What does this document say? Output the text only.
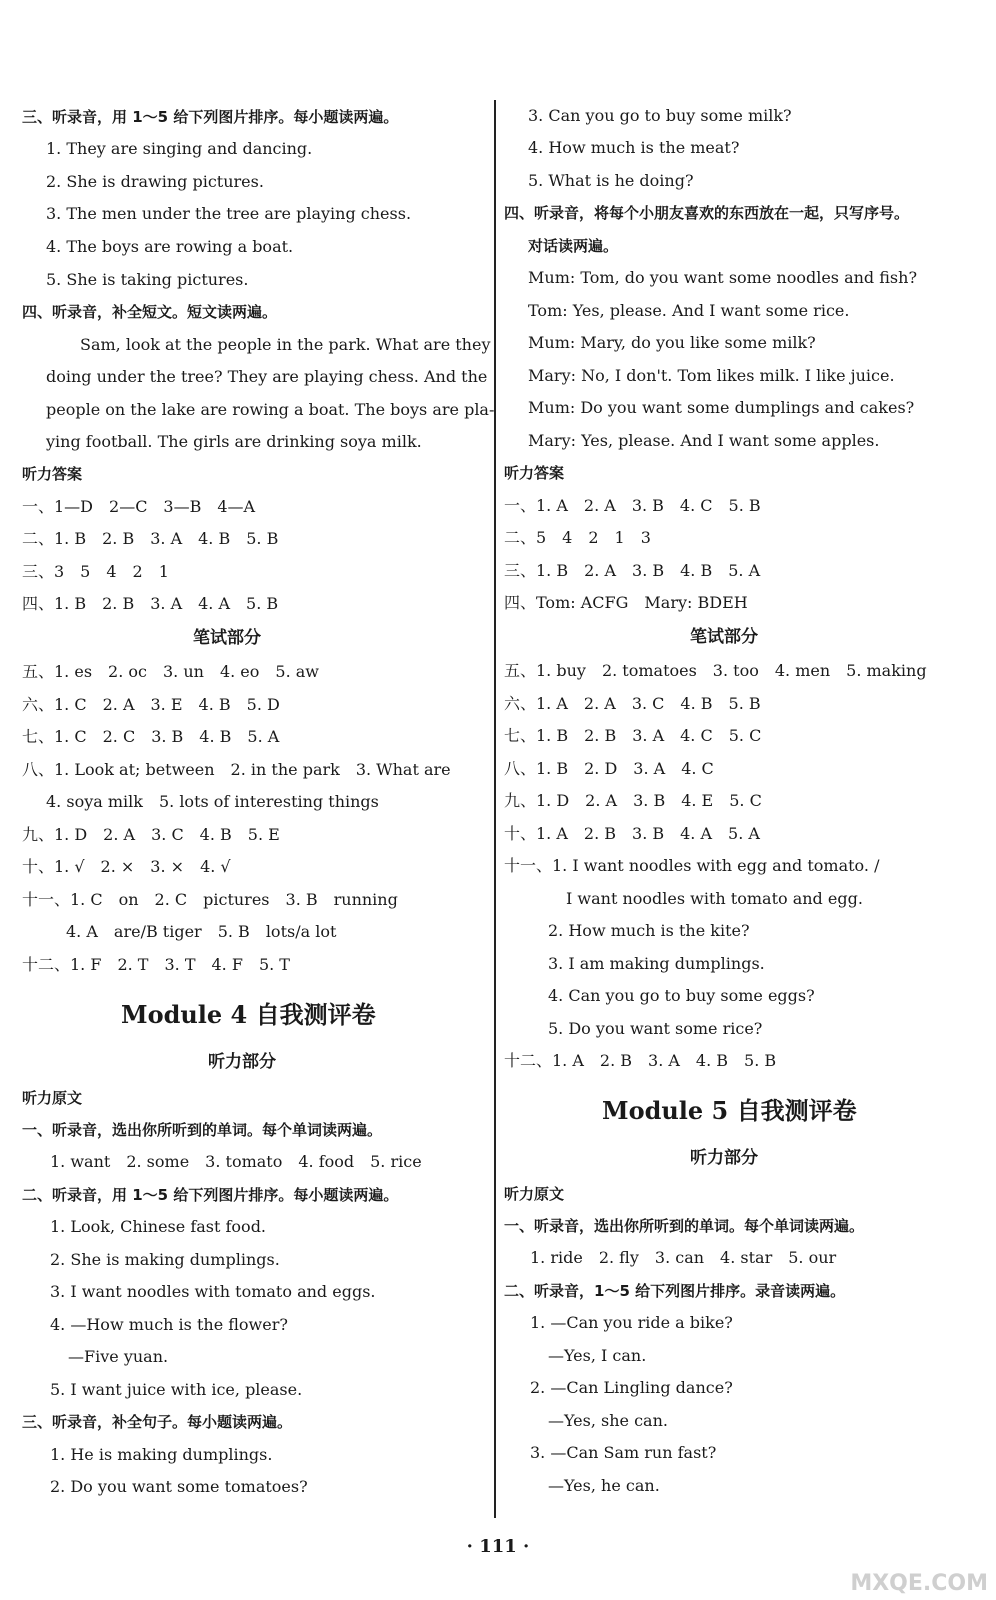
三、听录音，用 1～5 给下列图片排序。每小题读两遍。
1. They are singing and dancing.
2. She is drawing pictures.
3. The men under the tree are playing chess.
4. The boys are rowing a boat.
5. She is taking pictures.
四、听录音，补全短文。短文读两遍。
Sam, look at the people in the park. What are they
doing under the tree? They are playing chess. And the
people on the lake are rowing a boat. The boys are pla-
ying football. The girls are drinking soya milk.
听力答案
一、1—D　2—C　3—B　4—A
二、1. B　2. B　3. A　4. B　5. B
三、3　5　4　2　1
四、1. B　2. B　3. A　4. A　5. B
笔试部分
五、1. es　2. oc　3. un　4. eo　5. aw
六、1. C　2. A　3. E　4. B　5. D
七、1. C　2. C　3. B　4. B　5. A
八、1. Look at; between　2. in the park　3. What are
4. soya milk　5. lots of interesting things
九、1. D　2. A　3. C　4. B　5. E
十、1. √　2. ×　3. ×　4. √
十一、1. C　on　2. C　pictures　3. B　running
4. A　are/B tiger　5. B　lots/a lot
十二、1. F　2. T　3. T　4. F　5. T
Module 4 自我测评卷
听力部分
听力原文
一、听录音，选出你所听到的单词。每个单词读两遍。
1. want　2. some　3. tomato　4. food　5. rice
二、听录音，用 1～5 给下列图片排序。每小题读两遍。
1. Look, Chinese fast food.
2. She is making dumplings.
3. I want noodles with tomato and eggs.
4. —How much is the flower?
—Five yuan.
5. I want juice with ice, please.
三、听录音，补全句子。每小题读两遍。
1. He is making dumplings.
2. Do you want some tomatoes?
3. Can you go to buy some milk?
4. How much is the meat?
5. What is he doing?
四、听录音，将每个小朋友喜欢的东西放在一起，只写序号。
对话读两遍。
Mum: Tom, do you want some noodles and fish?
Tom: Yes, please. And I want some rice.
Mum: Mary, do you like some milk?
Mary: No, I don't. Tom likes milk. I like juice.
Mum: Do you want some dumplings and cakes?
Mary: Yes, please. And I want some apples.
听力答案
一、1. A　2. A　3. B　4. C　5. B
二、5　4　2　1　3
三、1. B　2. A　3. B　4. B　5. A
四、Tom: ACFG　Mary: BDEH
笔试部分
五、1. buy　2. tomatoes　3. too　4. men　5. making
六、1. A　2. A　3. C　4. B　5. B
七、1. B　2. B　3. A　4. C　5. C
八、1. B　2. D　3. A　4. C
九、1. D　2. A　3. B　4. E　5. C
十、1. A　2. B　3. B　4. A　5. A
十一、1. I want noodles with egg and tomato. /
I want noodles with tomato and egg.
2. How much is the kite?
3. I am making dumplings.
4. Can you go to buy some eggs?
5. Do you want some rice?
十二、1. A　2. B　3. A　4. B　5. B
Module 5 自我测评卷
听力部分
听力原文
一、听录音，选出你所听到的单词。每个单词读两遍。
1. ride　2. fly　3. can　4. star　5. our
二、听录音，1～5 给下列图片排序。录音读两遍。
1. —Can you ride a bike?
—Yes, I can.
2. —Can Lingling dance?
—Yes, she can.
3. —Can Sam run fast?
—Yes, he can.
· 111 ·
MXQE.COM
